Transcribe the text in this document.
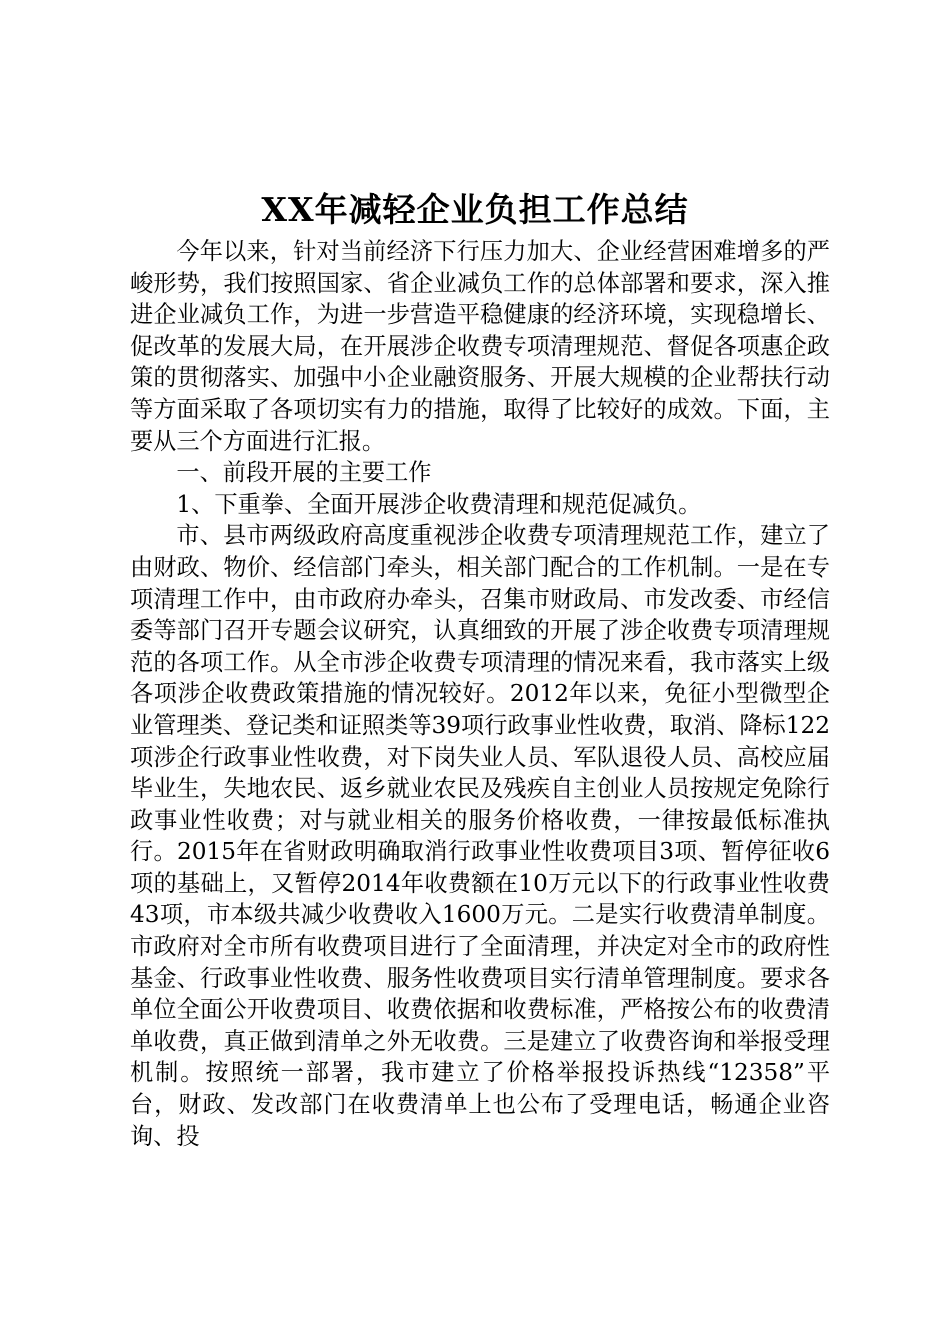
XX年减轻企业负担工作总结

今年以来，针对当前经济下行压力加大、企业经营困难增多的严峻形势，我们按照国家、省企业减负工作的总体部署和要求，深入推进企业减负工作，为进一步营造平稳健康的经济环境，实现稳增长、促改革的发展大局，在开展涉企收费专项清理规范、督促各项惠企政策的贯彻落实、加强中小企业融资服务、开展大规模的企业帮扶行动等方面采取了各项切实有力的措施，取得了比较好的成效。下面，主要从三个方面进行汇报。

一、前段开展的主要工作

1、下重拳、全面开展涉企收费清理和规范促减负。

市、县市两级政府高度重视涉企收费专项清理规范工作，建立了由财政、物价、经信部门牵头，相关部门配合的工作机制。一是在专项清理工作中，由市政府办牵头，召集市财政局、市发改委、市经信委等部门召开专题会议研究，认真细致的开展了涉企收费专项清理规范的各项工作。从全市涉企收费专项清理的情况来看，我市落实上级各项涉企收费政策措施的情况较好。2012年以来，免征小型微型企业管理类、登记类和证照类等39项行政事业性收费，取消、降标122项涉企行政事业性收费，对下岗失业人员、军队退役人员、高校应届毕业生，失地农民、返乡就业农民及残疾自主创业人员按规定免除行政事业性收费；对与就业相关的服务价格收费，一律按最低标准执行。2015年在省财政明确取消行政事业性收费项目3项、暂停征收6项的基础上，又暂停2014年收费额在10万元以下的行政事业性收费43项，市本级共减少收费收入1600万元。二是实行收费清单制度。市政府对全市所有收费项目进行了全面清理，并决定对全市的政府性基金、行政事业性收费、服务性收费项目实行清单管理制度。要求各单位全面公开收费项目、收费依据和收费标准，严格按公布的收费清单收费，真正做到清单之外无收费。三是建立了收费咨询和举报受理机制。按照统一部署，我市建立了价格举报投诉热线“12358”平台，财政、发改部门在收费清单上也公布了受理电话，畅通企业咨询、投
